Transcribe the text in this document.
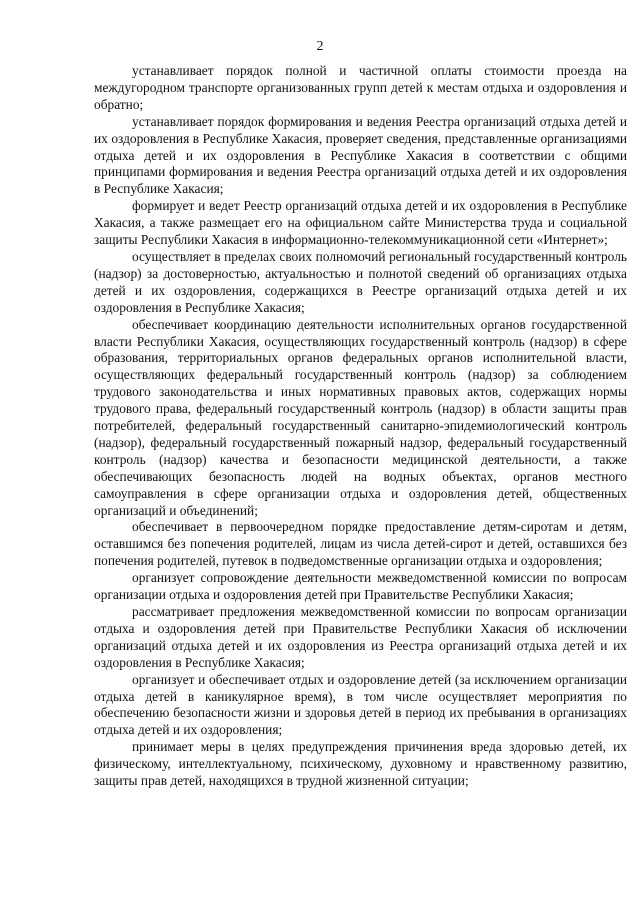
2

устанавливает порядок полной и частичной оплаты стоимости проезда на междугородном транспорте организованных групп детей к местам отдыха и оздоровления и обратно;

устанавливает порядок формирования и ведения Реестра организаций отдыха детей и их оздоровления в Республике Хакасия, проверяет сведения, представленные организациями отдыха детей и их оздоровления в Республике Хакасия в соответствии с общими принципами формирования и ведения Реестра организаций отдыха детей и их оздоровления в Республике Хакасия;

формирует и ведет Реестр организаций отдыха детей и их оздоровления в Республике Хакасия, а также размещает его на официальном сайте Министерства труда и социальной защиты Республики Хакасия в информационно-телекоммуникационной сети «Интернет»;

осуществляет в пределах своих полномочий региональный государственный контроль (надзор) за достоверностью, актуальностью и полнотой сведений об организациях отдыха детей и их оздоровления, содержащихся в Реестре организаций отдыха детей и их оздоровления в Республике Хакасия;

обеспечивает координацию деятельности исполнительных органов государственной власти Республики Хакасия, осуществляющих государственный контроль (надзор) в сфере образования, территориальных органов федеральных органов исполнительной власти, осуществляющих федеральный государственный контроль (надзор) за соблюдением трудового законодательства и иных нормативных правовых актов, содержащих нормы трудового права, федеральный государственный контроль (надзор) в области защиты прав потребителей, федеральный государственный санитарно-эпидемиологический контроль (надзор), федеральный государственный пожарный надзор, федеральный государственный контроль (надзор) качества и безопасности медицинской деятельности, а также обеспечивающих безопасность людей на водных объектах, органов местного самоуправления в сфере организации отдыха и оздоровления детей, общественных организаций и объединений;

обеспечивает в первоочередном порядке предоставление детям-сиротам и детям, оставшимся без попечения родителей, лицам из числа детей-сирот и детей, оставшихся без попечения родителей, путевок в подведомственные организации отдыха и оздоровления;

организует сопровождение деятельности межведомственной комиссии по вопросам организации отдыха и оздоровления детей при Правительстве Республики Хакасия;

рассматривает предложения межведомственной комиссии по вопросам организации отдыха и оздоровления детей при Правительстве Республики Хакасия об исключении организаций отдыха детей и их оздоровления из Реестра организаций отдыха детей и их оздоровления в Республике Хакасия;

организует и обеспечивает отдых и оздоровление детей (за исключением организации отдыха детей в каникулярное время), в том числе осуществляет мероприятия по обеспечению безопасности жизни и здоровья детей в период их пребывания в организациях отдыха детей и их оздоровления;

принимает меры в целях предупреждения причинения вреда здоровью детей, их физическому, интеллектуальному, психическому, духовному и нравственному развитию, защиты прав детей, находящихся в трудной жизненной ситуации;
